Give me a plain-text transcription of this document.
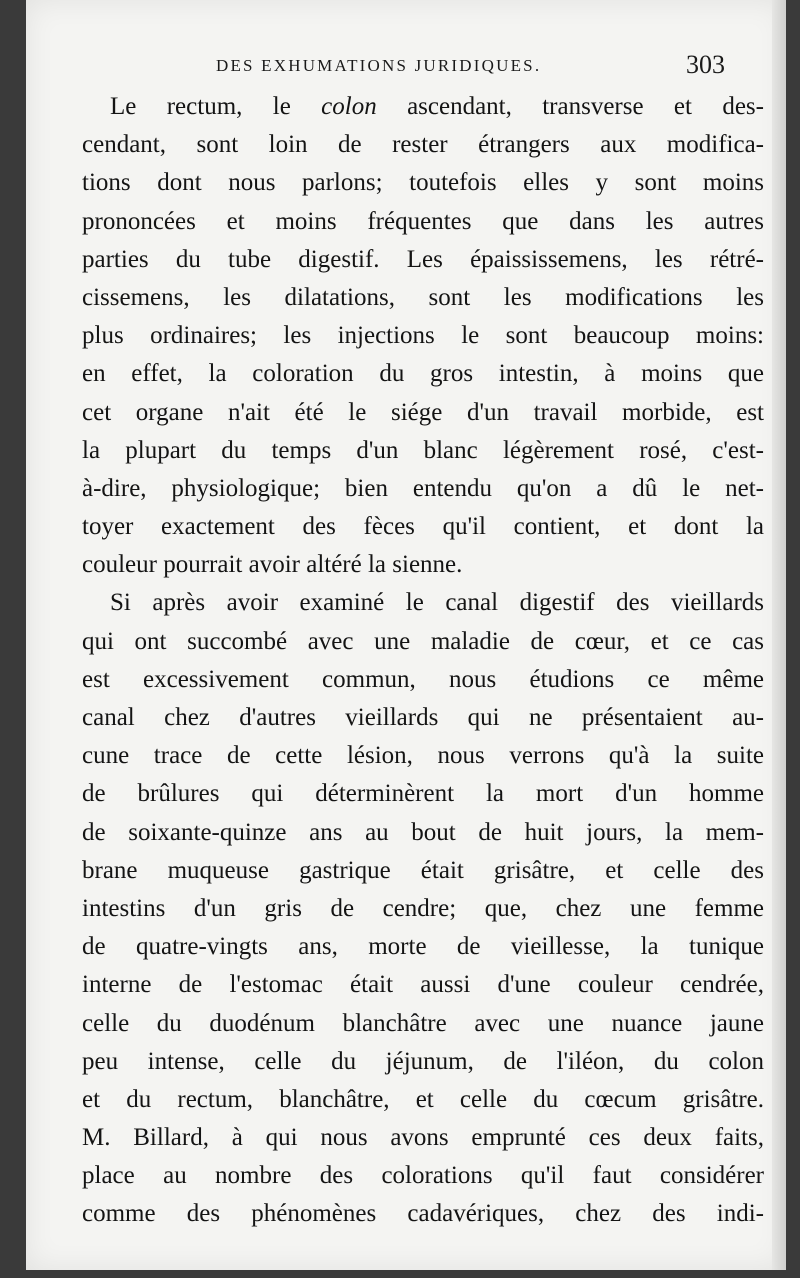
DES EXHUMATIONS JURIDIQUES.	303
Le rectum, le colon ascendant, transverse et des-
cendant, sont loin de rester étrangers aux modifica-
tions dont nous parlons; toutefois elles y sont moins
prononcées et moins fréquentes que dans les autres
parties du tube digestif. Les épaississemens, les rétré-
cissemens, les dilatations, sont les modifications les
plus ordinaires; les injections le sont beaucoup moins:
en effet, la coloration du gros intestin, à moins que
cet organe n'ait été le siége d'un travail morbide, est
la plupart du temps d'un blanc légèrement rosé, c'est-
à-dire, physiologique; bien entendu qu'on a dû le net-
toyer exactement des fèces qu'il contient, et dont la
couleur pourrait avoir altéré la sienne.
Si après avoir examiné le canal digestif des vieillards
qui ont succombé avec une maladie de cœur, et ce cas
est excessivement commun, nous étudions ce même
canal chez d'autres vieillards qui ne présentaient au-
cune trace de cette lésion, nous verrons qu'à la suite
de brûlures qui déterminèrent la mort d'un homme
de soixante-quinze ans au bout de huit jours, la mem-
brane muqueuse gastrique était grisâtre, et celle des
intestins d'un gris de cendre; que, chez une femme
de quatre-vingts ans, morte de vieillesse, la tunique
interne de l'estomac était aussi d'une couleur cendrée,
celle du duodénum blanchâtre avec une nuance jaune
peu intense, celle du jéjunum, de l'iléon, du colon
et du rectum, blanchâtre, et celle du cœcum grisâtre.
M. Billard, à qui nous avons emprunté ces deux faits,
place au nombre des colorations qu'il faut considérer
comme des phénomènes cadavériques, chez des indi-
